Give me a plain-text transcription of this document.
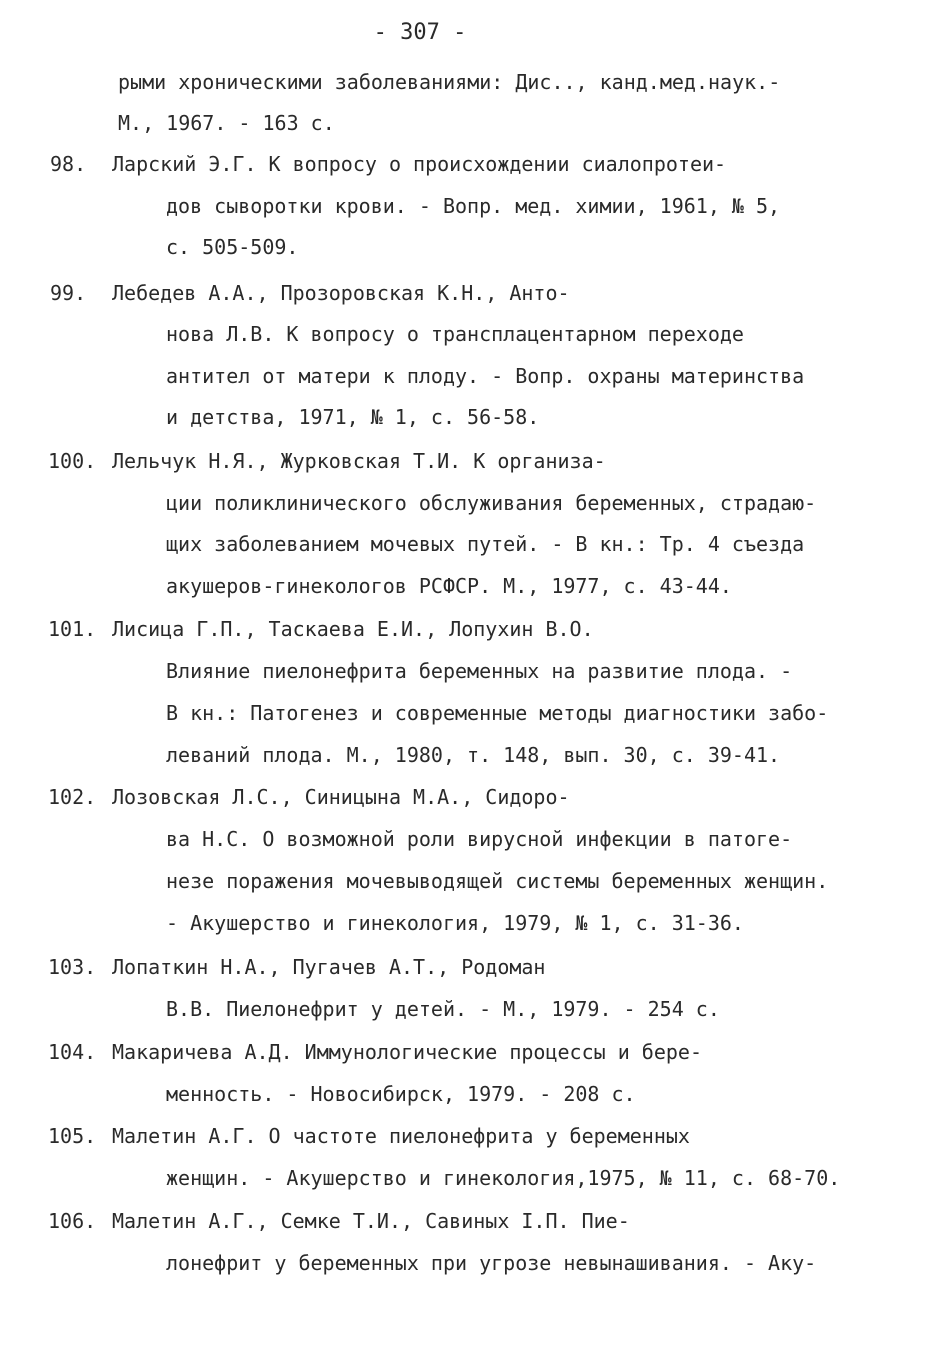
- 307 -
рыми хроническими заболеваниями: Дис.., канд.мед.наук.-
М., 1967. - 163 с.
98. Ларский Э.Г. К вопросу о происхождении сиалопротеи-
дов сыворотки крови. - Вопр. мед. химии, 1961, № 5,
с. 505-509.
99. Лебедев А.А., Прозоровская К.Н., Анто-
нова Л.В. К вопросу о трансплацентарном переходе
антител от матери к плоду. - Вопр. охраны материнства
и детства, 1971, № 1, с. 56-58.
100. Лельчук Н.Я., Журковская Т.И. К организа-
ции поликлинического обслуживания беременных, страдаю-
щих заболеванием мочевых путей. - В кн.: Тр. 4 съезда
акушеров-гинекологов РСФСР. М., 1977, с. 43-44.
101. Лисица Г.П., Таскаева Е.И., Лопухин В.О.
Влияние пиелонефрита беременных на развитие плода. -
В кн.: Патогенез и современные методы диагностики забо-
леваний плода. М., 1980, т. 148, вып. 30, с. 39-41.
102. Лозовская Л.С., Синицына М.А., Сидоро-
ва Н.С. О возможной роли вирусной инфекции в патоге-
незе поражения мочевыводящей системы беременных женщин.
- Акушерство и гинекология, 1979, № 1, с. 31-36.
103. Лопаткин Н.А., Пугачев А.Т., Родоман
В.В. Пиелонефрит у детей. - М., 1979. - 254 с.
104. Макаричева А.Д. Иммунологические процессы и бере-
менность. - Новосибирск, 1979. - 208 с.
105. Малетин А.Г. О частоте пиелонефрита у беременных
женщин. - Акушерство и гинекология,1975, № 11, с. 68-70.
106. Малетин А.Г., Семке Т.И., Савиных I.П. Пие-
лонефрит у беременных при угрозе невынашивания. - Аку-
